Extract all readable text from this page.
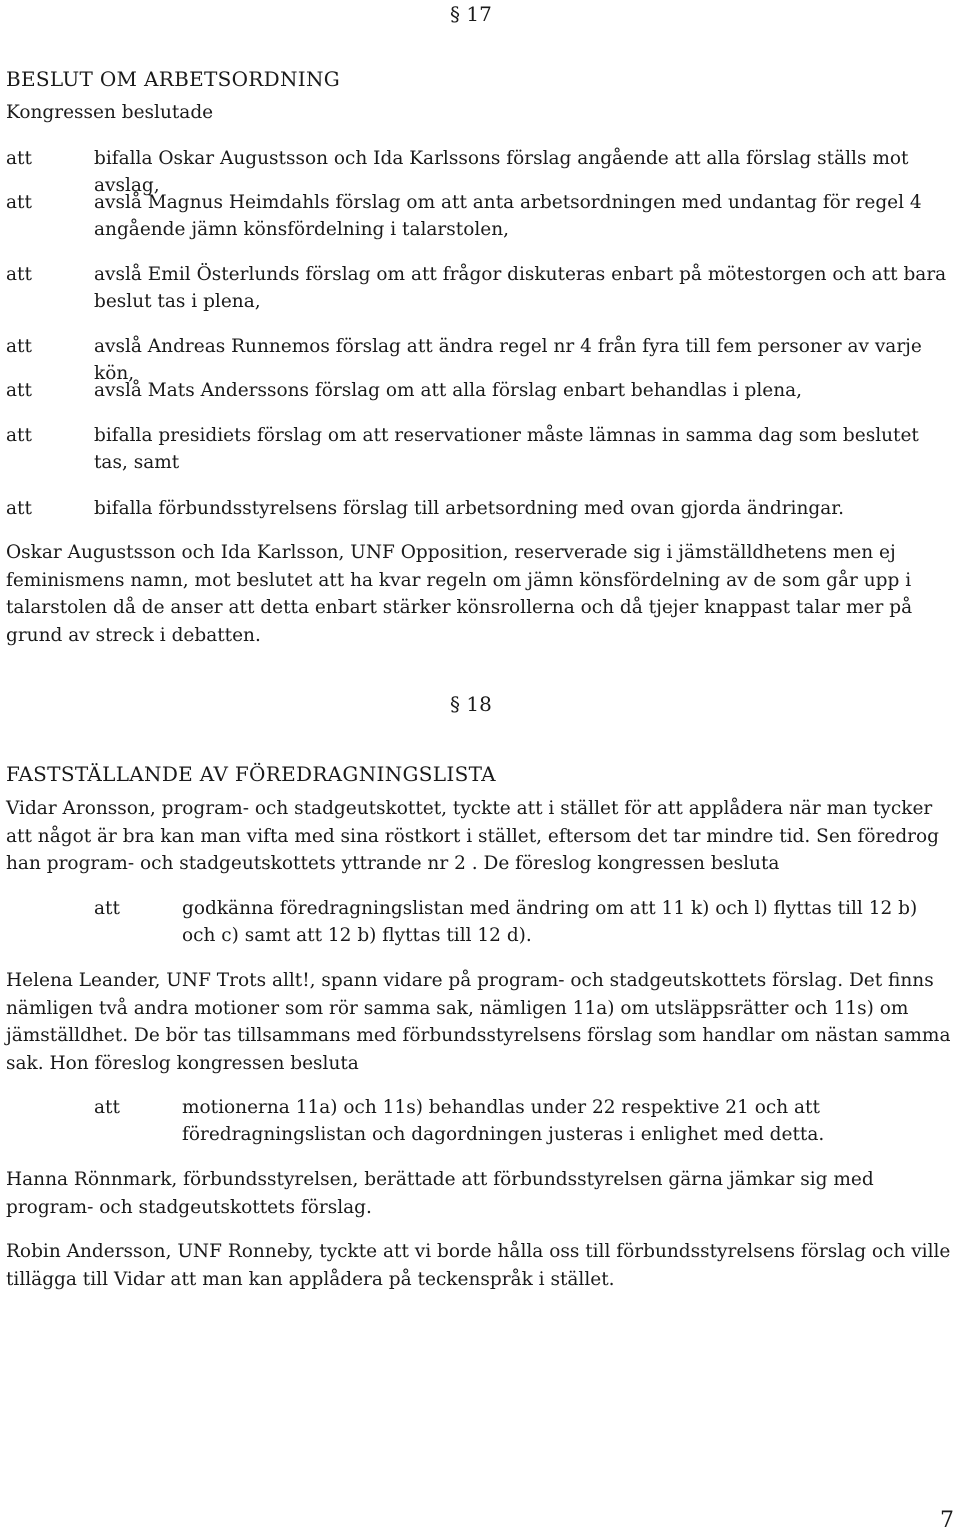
§ 17
BESLUT OM ARBETSORDNING
Kongressen beslutade
att	bifalla Oskar Augustsson och Ida Karlssons förslag angående att alla förslag ställs mot avslag,
att	avslå Magnus Heimdahls förslag om att anta arbetsordningen med undantag för regel 4 angående jämn könsfördelning i talarstolen,
att	avslå Emil Österlunds förslag om att frågor diskuteras enbart på mötestorgen och att bara beslut tas i plena,
att	avslå Andreas Runnemos förslag att ändra regel nr 4 från fyra till fem personer av varje kön,
att	avslå Mats Anderssons förslag om att alla förslag enbart behandlas i plena,
att	bifalla presidiets förslag om att reservationer måste lämnas in samma dag som beslutet tas, samt
att	bifalla förbundsstyrelsens förslag till arbetsordning med ovan gjorda ändringar.

Oskar Augustsson och Ida Karlsson, UNF Opposition, reserverade sig i jämställdhetens men ej feminismens namn, mot beslutet att ha kvar regeln om jämn könsfördelning av de som går upp i talarstolen då de anser att detta enbart stärker könsrollerna och då tjejer knappast talar mer på grund av streck i debatten.

§ 18
FASTSTÄLLANDE AV FÖREDRAGNINGSLISTA

Vidar Aronsson, program- och stadgeutskottet, tyckte att i stället för att applådera när man tycker att något är bra kan man vifta med sina röstkort i stället, eftersom det tar mindre tid. Sen föredrog han program- och stadgeutskottets yttrande nr 2 . De föreslog kongressen besluta

att	godkänna föredragningslistan med ändring om att 11 k) och l) flyttas till 12 b) och c) samt att 12 b) flyttas till 12 d).

Helena Leander, UNF Trots allt!, spann vidare på program- och stadgeutskottets förslag. Det finns nämligen två andra motioner som rör samma sak, nämligen 11a) om utsläppsrätter och 11s) om jämställdhet. De bör tas tillsammans med förbundsstyrelsens förslag som handlar om nästan samma sak. Hon föreslog kongressen besluta

att	motionerna 11a) och 11s) behandlas under 22 respektive 21 och att föredragningslistan och dagordningen justeras i enlighet med detta.

Hanna Rönnmark, förbundsstyrelsen, berättade att förbundsstyrelsen gärna jämkar sig med program- och stadgeutskottets förslag.

Robin Andersson, UNF Ronneby, tyckte att vi borde hålla oss till förbundsstyrelsens förslag och ville tillägga till Vidar att man kan applådera på teckenspråk i stället.

7
